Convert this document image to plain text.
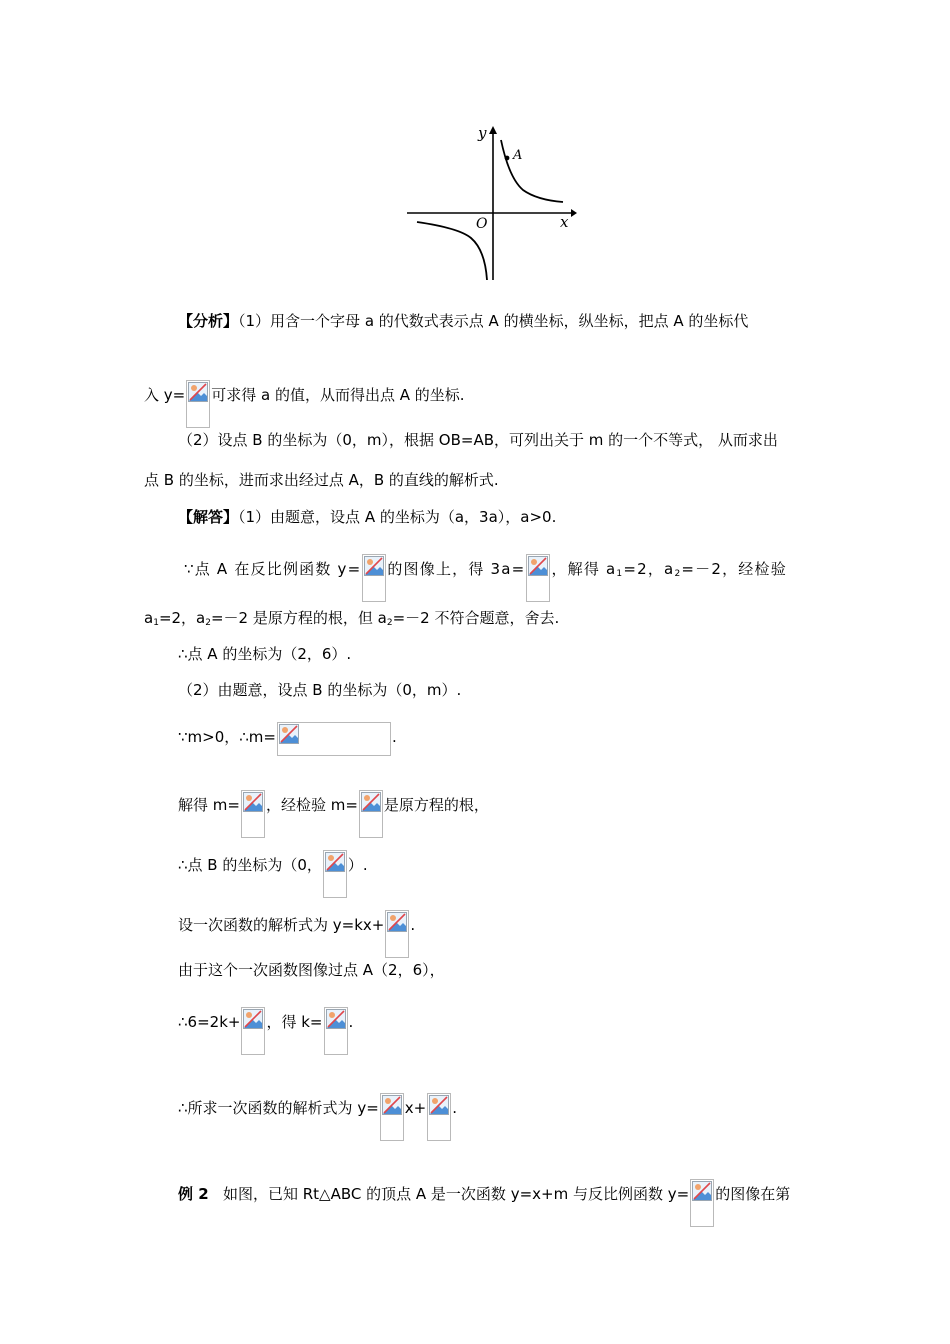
y
x
O
A
【分析】（1）用含一个字母 a 的代数式表示点 A 的横坐标，纵坐标，把点 A 的坐标代
入 y= 可求得 a 的值，从而得出点 A 的坐标.
（2）设点 B 的坐标为（0，m），根据 OB=AB，可列出关于 m 的一个不等式， 从而求出
点 B 的坐标，进而求出经过点 A，B 的直线的解析式.
【解答】（1）由题意，设点 A 的坐标为（a，3a），a>0.
∵点 A 在反比例函数 y= 的图像上，得 3a= ，解得 $a_1=2$，$a_2=-2$，经检验
$a_1=2$，$a_2=-2$ 是原方程的根，但 $a_2=-2$ 不符合题意，舍去.
∴点 A 的坐标为（2，6）.
（2）由题意，设点 B 的坐标为（0，m）.
∵m>0，∴m=	.
解得 m= ，经检验 m= 是原方程的根，
∴点 B 的坐标为（0， ）.
设一次函数的解析式为 y=kx+ .
由于这个一次函数图像过点 A（2，6），
∴6=2k+ ，得 k= .
∴所求一次函数的解析式为 y= x+ .
例 2 如图，已知 Rt△ABC 的顶点 A 是一次函数 y=x+m 与反比例函数 y= 的图像在第
